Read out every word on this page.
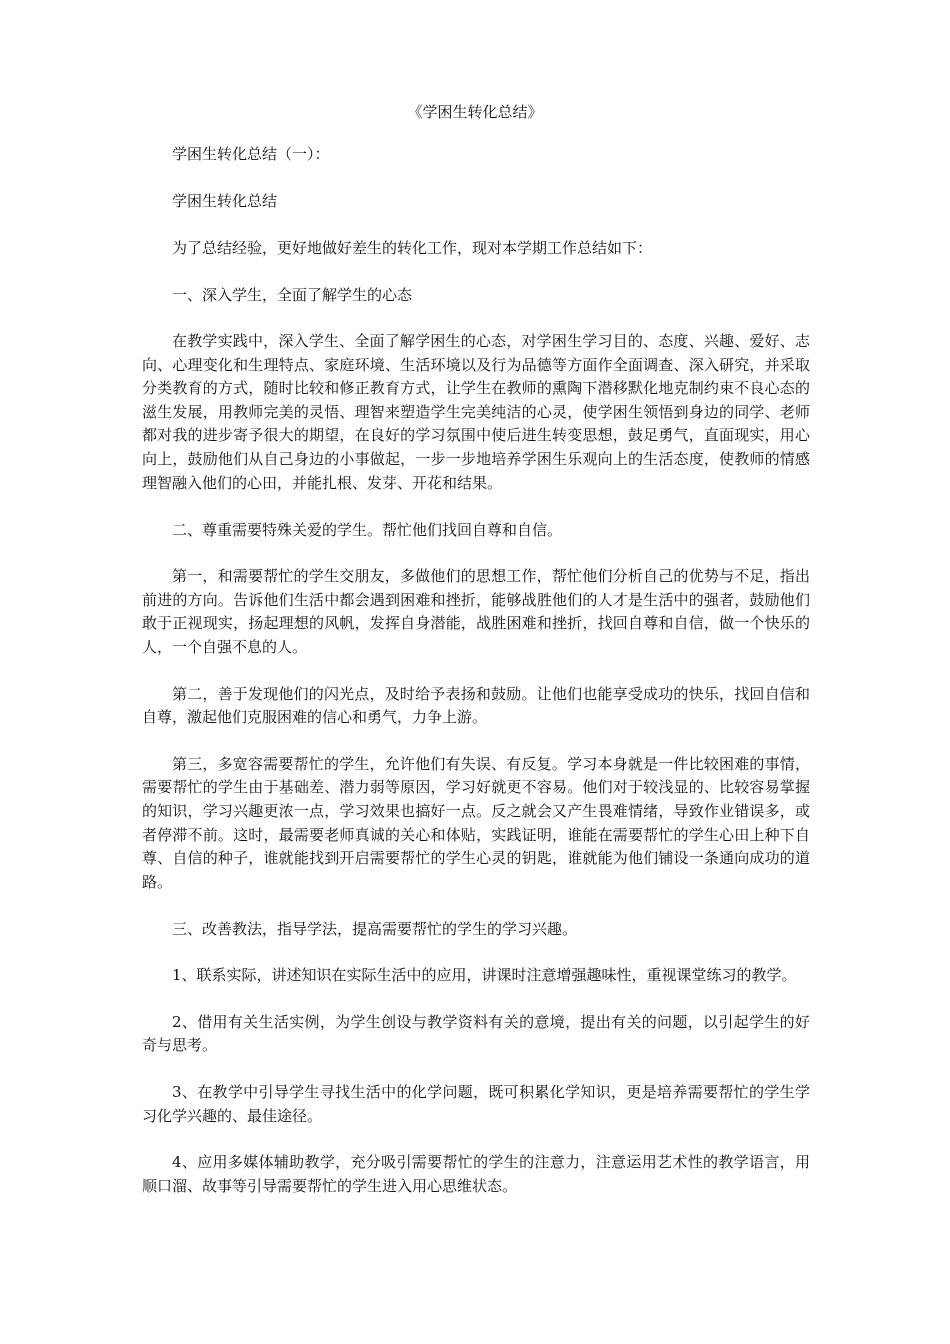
《学困生转化总结》

学困生转化总结（一）：

学困生转化总结

为了总结经验，更好地做好差生的转化工作，现对本学期工作总结如下：

一、深入学生，全面了解学生的心态

在教学实践中，深入学生、全面了解学困生的心态，对学困生学习目的、态度、兴趣、爱好、志向、心理变化和生理特点、家庭环境、生活环境以及行为品德等方面作全面调查、深入研究，并采取分类教育的方式，随时比较和修正教育方式，让学生在教师的熏陶下潜移默化地克制约束不良心态的滋生发展，用教师完美的灵悟、理智来塑造学生完美纯洁的心灵，使学困生领悟到身边的同学、老师都对我的进步寄予很大的期望，在良好的学习氛围中使后进生转变思想，鼓足勇气，直面现实，用心向上，鼓励他们从自己身边的小事做起，一步一步地培养学困生乐观向上的生活态度，使教师的情感理智融入他们的心田，并能扎根、发芽、开花和结果。

二、尊重需要特殊关爱的学生。帮忙他们找回自尊和自信。

第一，和需要帮忙的学生交朋友，多做他们的思想工作，帮忙他们分析自己的优势与不足，指出前进的方向。告诉他们生活中都会遇到困难和挫折，能够战胜他们的人才是生活中的强者，鼓励他们敢于正视现实，扬起理想的风帆，发挥自身潜能，战胜困难和挫折，找回自尊和自信，做一个快乐的人，一个自强不息的人。

第二，善于发现他们的闪光点，及时给予表扬和鼓励。让他们也能享受成功的快乐，找回自信和自尊，激起他们克服困难的信心和勇气，力争上游。

第三，多宽容需要帮忙的学生，允许他们有失误、有反复。学习本身就是一件比较困难的事情，需要帮忙的学生由于基础差、潜力弱等原因，学习好就更不容易。他们对于较浅显的、比较容易掌握的知识，学习兴趣更浓一点，学习效果也搞好一点。反之就会又产生畏难情绪，导致作业错误多，或者停滞不前。这时，最需要老师真诚的关心和体贴，实践证明，谁能在需要帮忙的学生心田上种下自尊、自信的种子，谁就能找到开启需要帮忙的学生心灵的钥匙，谁就能为他们铺设一条通向成功的道路。

三、改善教法，指导学法，提高需要帮忙的学生的学习兴趣。

1、联系实际，讲述知识在实际生活中的应用，讲课时注意增强趣味性，重视课堂练习的教学。

2、借用有关生活实例，为学生创设与教学资料有关的意境，提出有关的问题，以引起学生的好奇与思考。

3、在教学中引导学生寻找生活中的化学问题，既可积累化学知识，更是培养需要帮忙的学生学习化学兴趣的、最佳途径。

4、应用多媒体辅助教学，充分吸引需要帮忙的学生的注意力，注意运用艺术性的教学语言，用顺口溜、故事等引导需要帮忙的学生进入用心思维状态。
